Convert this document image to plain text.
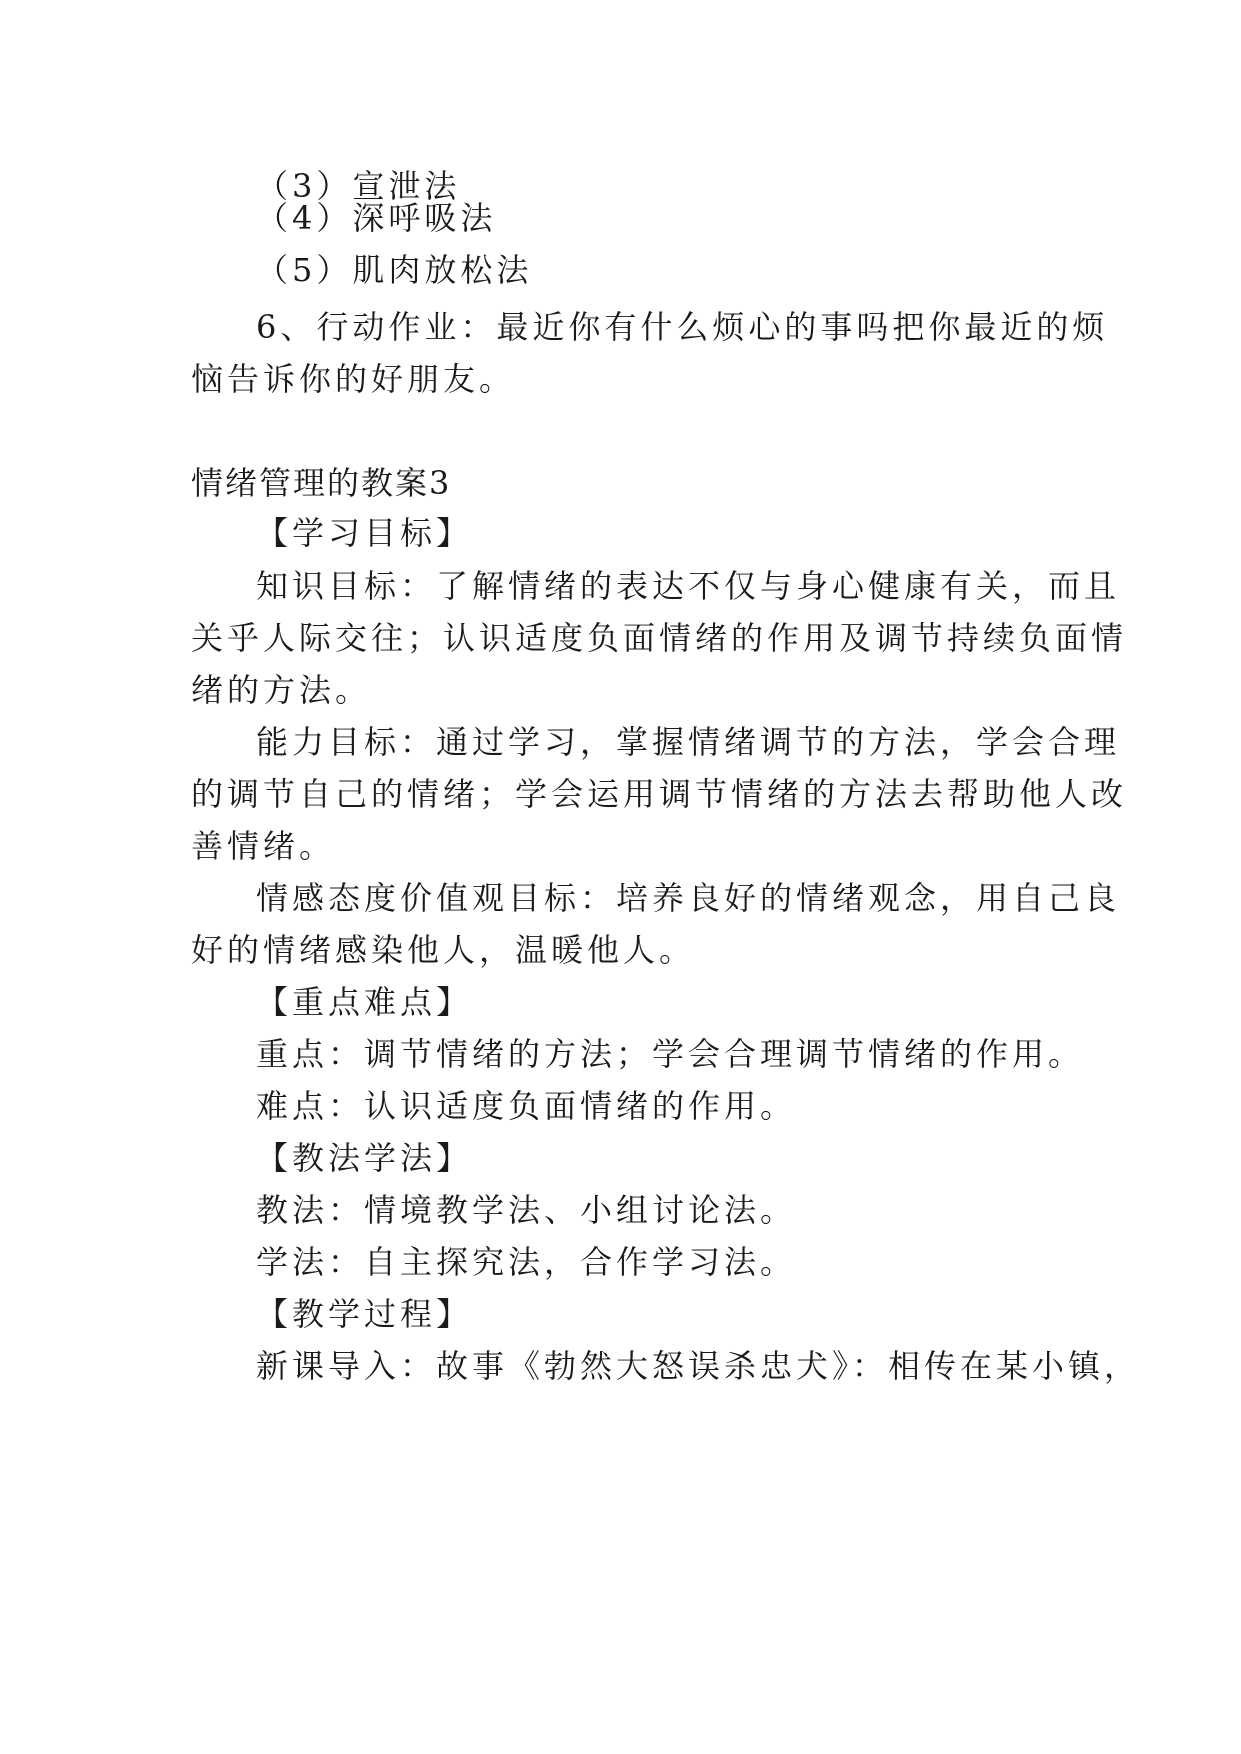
（3）宣泄法
（4）深呼吸法
（5）肌肉放松法
6、行动作业：最近你有什么烦心的事吗把你最近的烦
恼告诉你的好朋友。
情绪管理的教案3
【学习目标】
知识目标：了解情绪的表达不仅与身心健康有关，而且
关乎人际交往；认识适度负面情绪的作用及调节持续负面情
绪的方法。
能力目标：通过学习，掌握情绪调节的方法，学会合理
的调节自己的情绪；学会运用调节情绪的方法去帮助他人改
善情绪。
情感态度价值观目标：培养良好的情绪观念，用自己良
好的情绪感染他人，温暖他人。
【重点难点】
重点：调节情绪的方法；学会合理调节情绪的作用。
难点：认识适度负面情绪的作用。
【教法学法】
教法：情境教学法、小组讨论法。
学法：自主探究法，合作学习法。
【教学过程】
新课导入：故事《勃然大怒误杀忠犬》：相传在某小镇，
